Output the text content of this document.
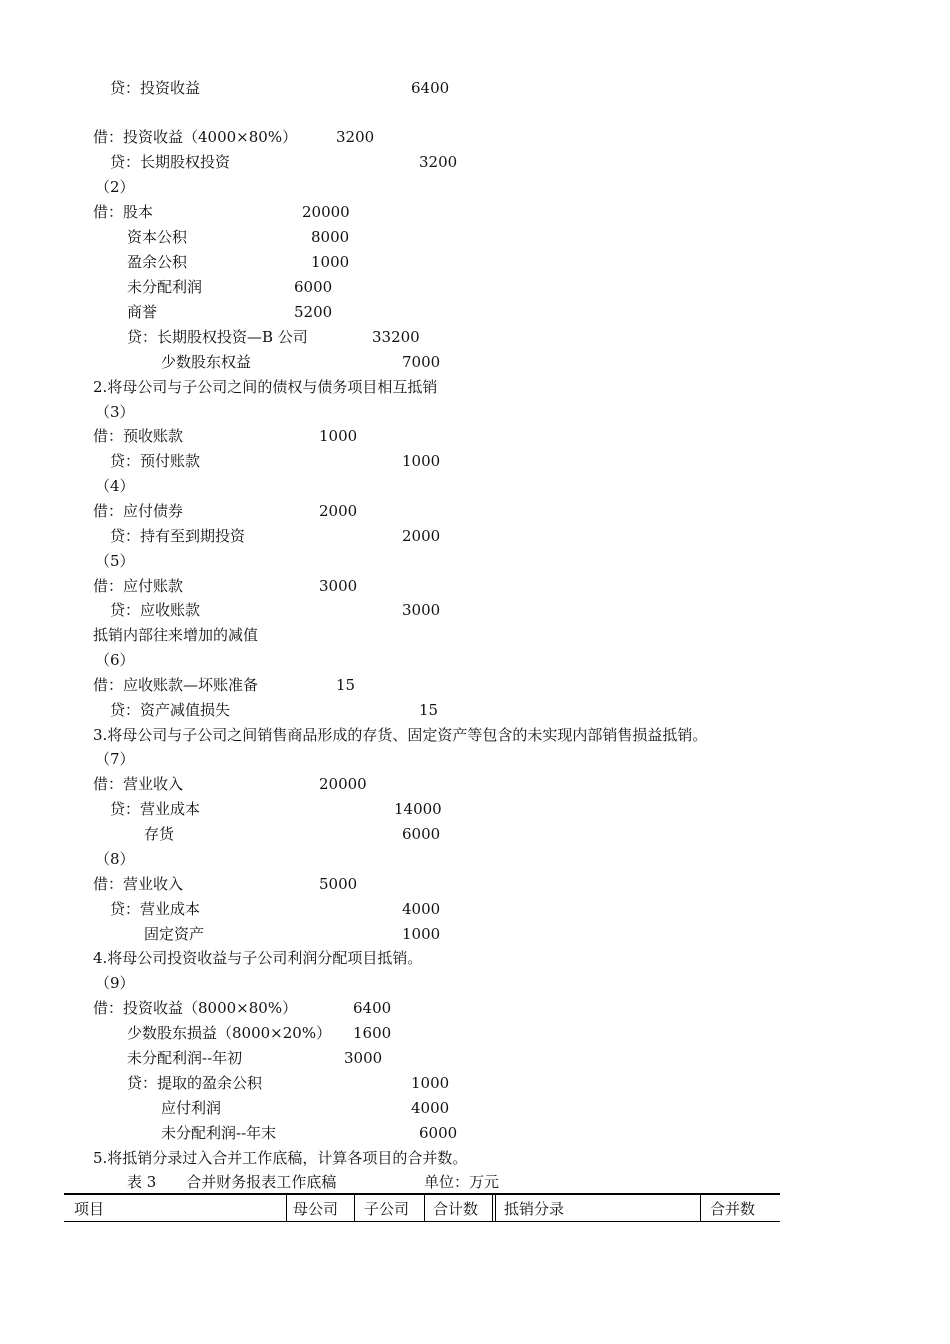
贷：投资收益	6400
借：投资收益（4000×80%）	3200
贷：长期股权投资	3200
（2）
借：股本	20000
资本公积	8000
盈余公积	1000
未分配利润	6000
商誉	5200
贷：长期股权投资—B 公司	33200
少数股东权益	7000
2.将母公司与子公司之间的债权与债务项目相互抵销
（3）
借：预收账款	1000
贷：预付账款	1000
（4）
借：应付债券	2000
贷：持有至到期投资	2000
（5）
借：应付账款	3000
贷：应收账款	3000
抵销内部往来增加的减值
（6）
借：应收账款—坏账准备	15
贷：资产减值损失	15
3.将母公司与子公司之间销售商品形成的存货、固定资产等包含的未实现内部销售损益抵销。
（7）
借：营业收入	20000
贷：营业成本	14000
存货	6000
（8）
借：营业收入	5000
贷：营业成本	4000
固定资产	1000
4.将母公司投资收益与子公司利润分配项目抵销。
（9）
借：投资收益（8000×80%）	6400
少数股东损益（8000×20%） 1600
未分配利润--年初	3000
贷：提取的盈余公积	1000
应付利润	4000
未分配利润--年末	6000
5.将抵销分录过入合并工作底稿，计算各项目的合并数。
表 3　　合并财务报表工作底稿	单位：万元
项目	母公司 子公司 合计数 抵销分录	合并数
